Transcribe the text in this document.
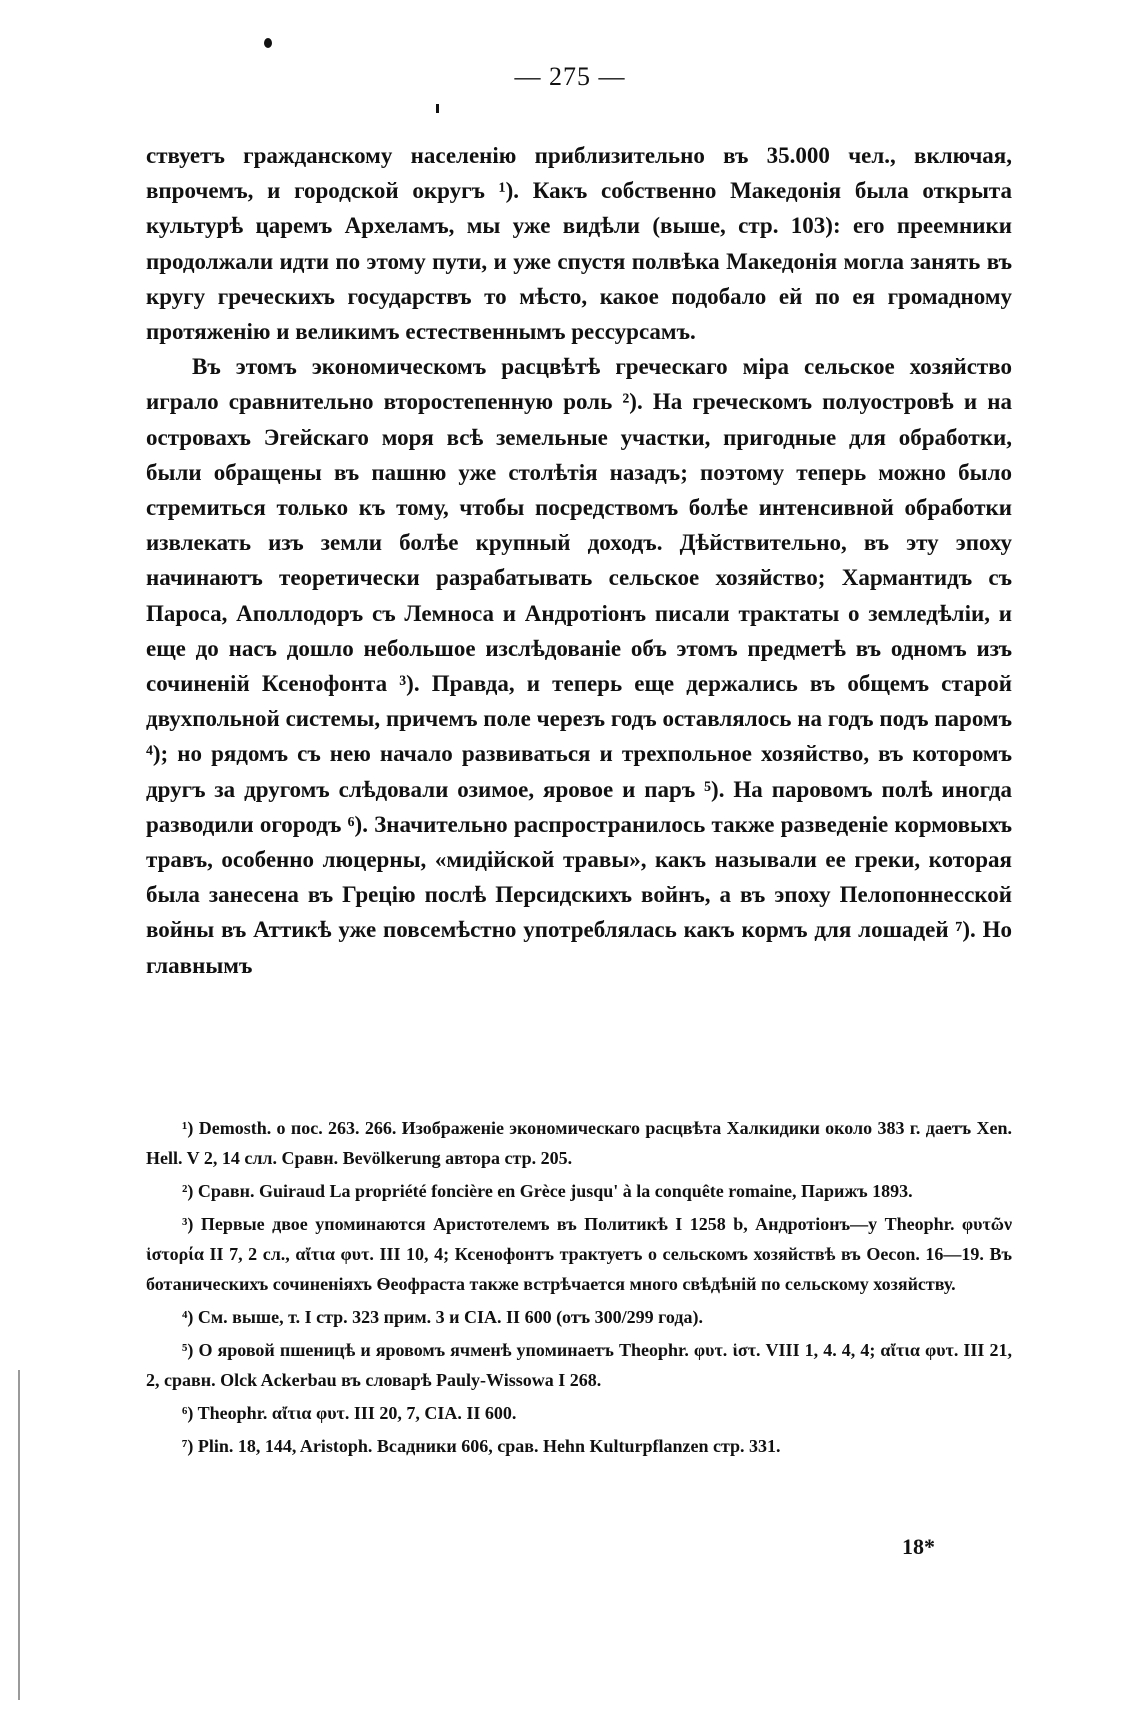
— 275 —

ствуетъ гражданскому населенію приблизительно въ 35.000 чел., включая, впрочемъ, и городской округъ ¹). Какъ собственно Македонія была открыта культурѣ царемъ Археламъ, мы уже видѣли (выше, стр. 103): его преемники продолжали идти по этому пути, и уже спустя полвѣка Македонія могла занять въ кругу греческихъ государствъ то мѣсто, какое подобало ей по ея громадному протяженію и великимъ естественнымъ рессурсамъ.

Въ этомъ экономическомъ расцвѣтѣ греческаго міра сельское хозяйство играло сравнительно второстепенную роль ²). На греческомъ полуостровѣ и на островахъ Эгейскаго моря всѣ земельные участки, пригодные для обработки, были обращены въ пашню уже столѣтія назадъ; поэтому теперь можно было стремиться только къ тому, чтобы посредствомъ болѣе интенсивной обработки извлекать изъ земли болѣе крупный доходъ. Дѣйствительно, въ эту эпоху начинаютъ теоретически разрабатывать сельское хозяйство; Хармантидъ съ Пароса, Аполлодоръ съ Лемноса и Андротіонъ писали трактаты о земледѣліи, и еще до насъ дошло небольшое изслѣдованіе объ этомъ предметѣ въ одномъ изъ сочиненій Ксенофонта ³). Правда, и теперь еще держались въ общемъ старой двухпольной системы, причемъ поле черезъ годъ оставлялось на годъ подъ паромъ ⁴); но рядомъ съ нею начало развиваться и трехпольное хозяйство, въ которомъ другъ за другомъ слѣдовали озимое, яровое и паръ ⁵). На паровомъ полѣ иногда разводили огородъ ⁶). Значительно распространилось также разведеніе кормовыхъ травъ, особенно люцерны, «мидійской травы», какъ называли ее греки, которая была занесена въ Грецію послѣ Персидскихъ войнъ, а въ эпоху Пелопоннесской войны въ Аттикѣ уже повсемѣстно употреблялась какъ кормъ для лошадей ⁷). Но главнымъ

¹) Demosth. о пос. 263. 266. Изображеніе экономическаго расцвѣта Халкидики около 383 г. даетъ Xen. Hell. V 2, 14 слл. Сравн. Bevölkerung автора стр. 205.

²) Сравн. Guiraud La propriété foncière en Grèce jusqu' à la conquête romaine, Парижъ 1893.

³) Первые двое упоминаются Аристотелемъ въ Политикѣ I 1258 b, Андротіонъ—у Theophr. φυτῶν ἱστορία II 7, 2 сл., αἴτια φυτ. III 10, 4; Ксенофонтъ трактуетъ о сельскомъ хозяйствѣ въ Oecon. 16—19. Въ ботаническихъ сочиненіяхъ Ѳеофраста также встрѣчается много свѣдѣній по сельскому хозяйству.

⁴) См. выше, т. I стр. 323 прим. 3 и CIA. II 600 (отъ 300/299 года).

⁵) О яровой пшеницѣ и яровомъ ячменѣ упоминаетъ Theophr. φυτ. ἱστ. VIII 1, 4. 4, 4; αἴτια φυτ. III 21, 2, сравн. Olck Ackerbau въ словарѣ Pauly-Wissowa I 268.

⁶) Theophr. αἴτια φυτ. III 20, 7, CIA. II 600.

⁷) Plin. 18, 144, Aristoph. Всадники 606, срав. Hehn Kulturpflanzen стр. 331.

18*
